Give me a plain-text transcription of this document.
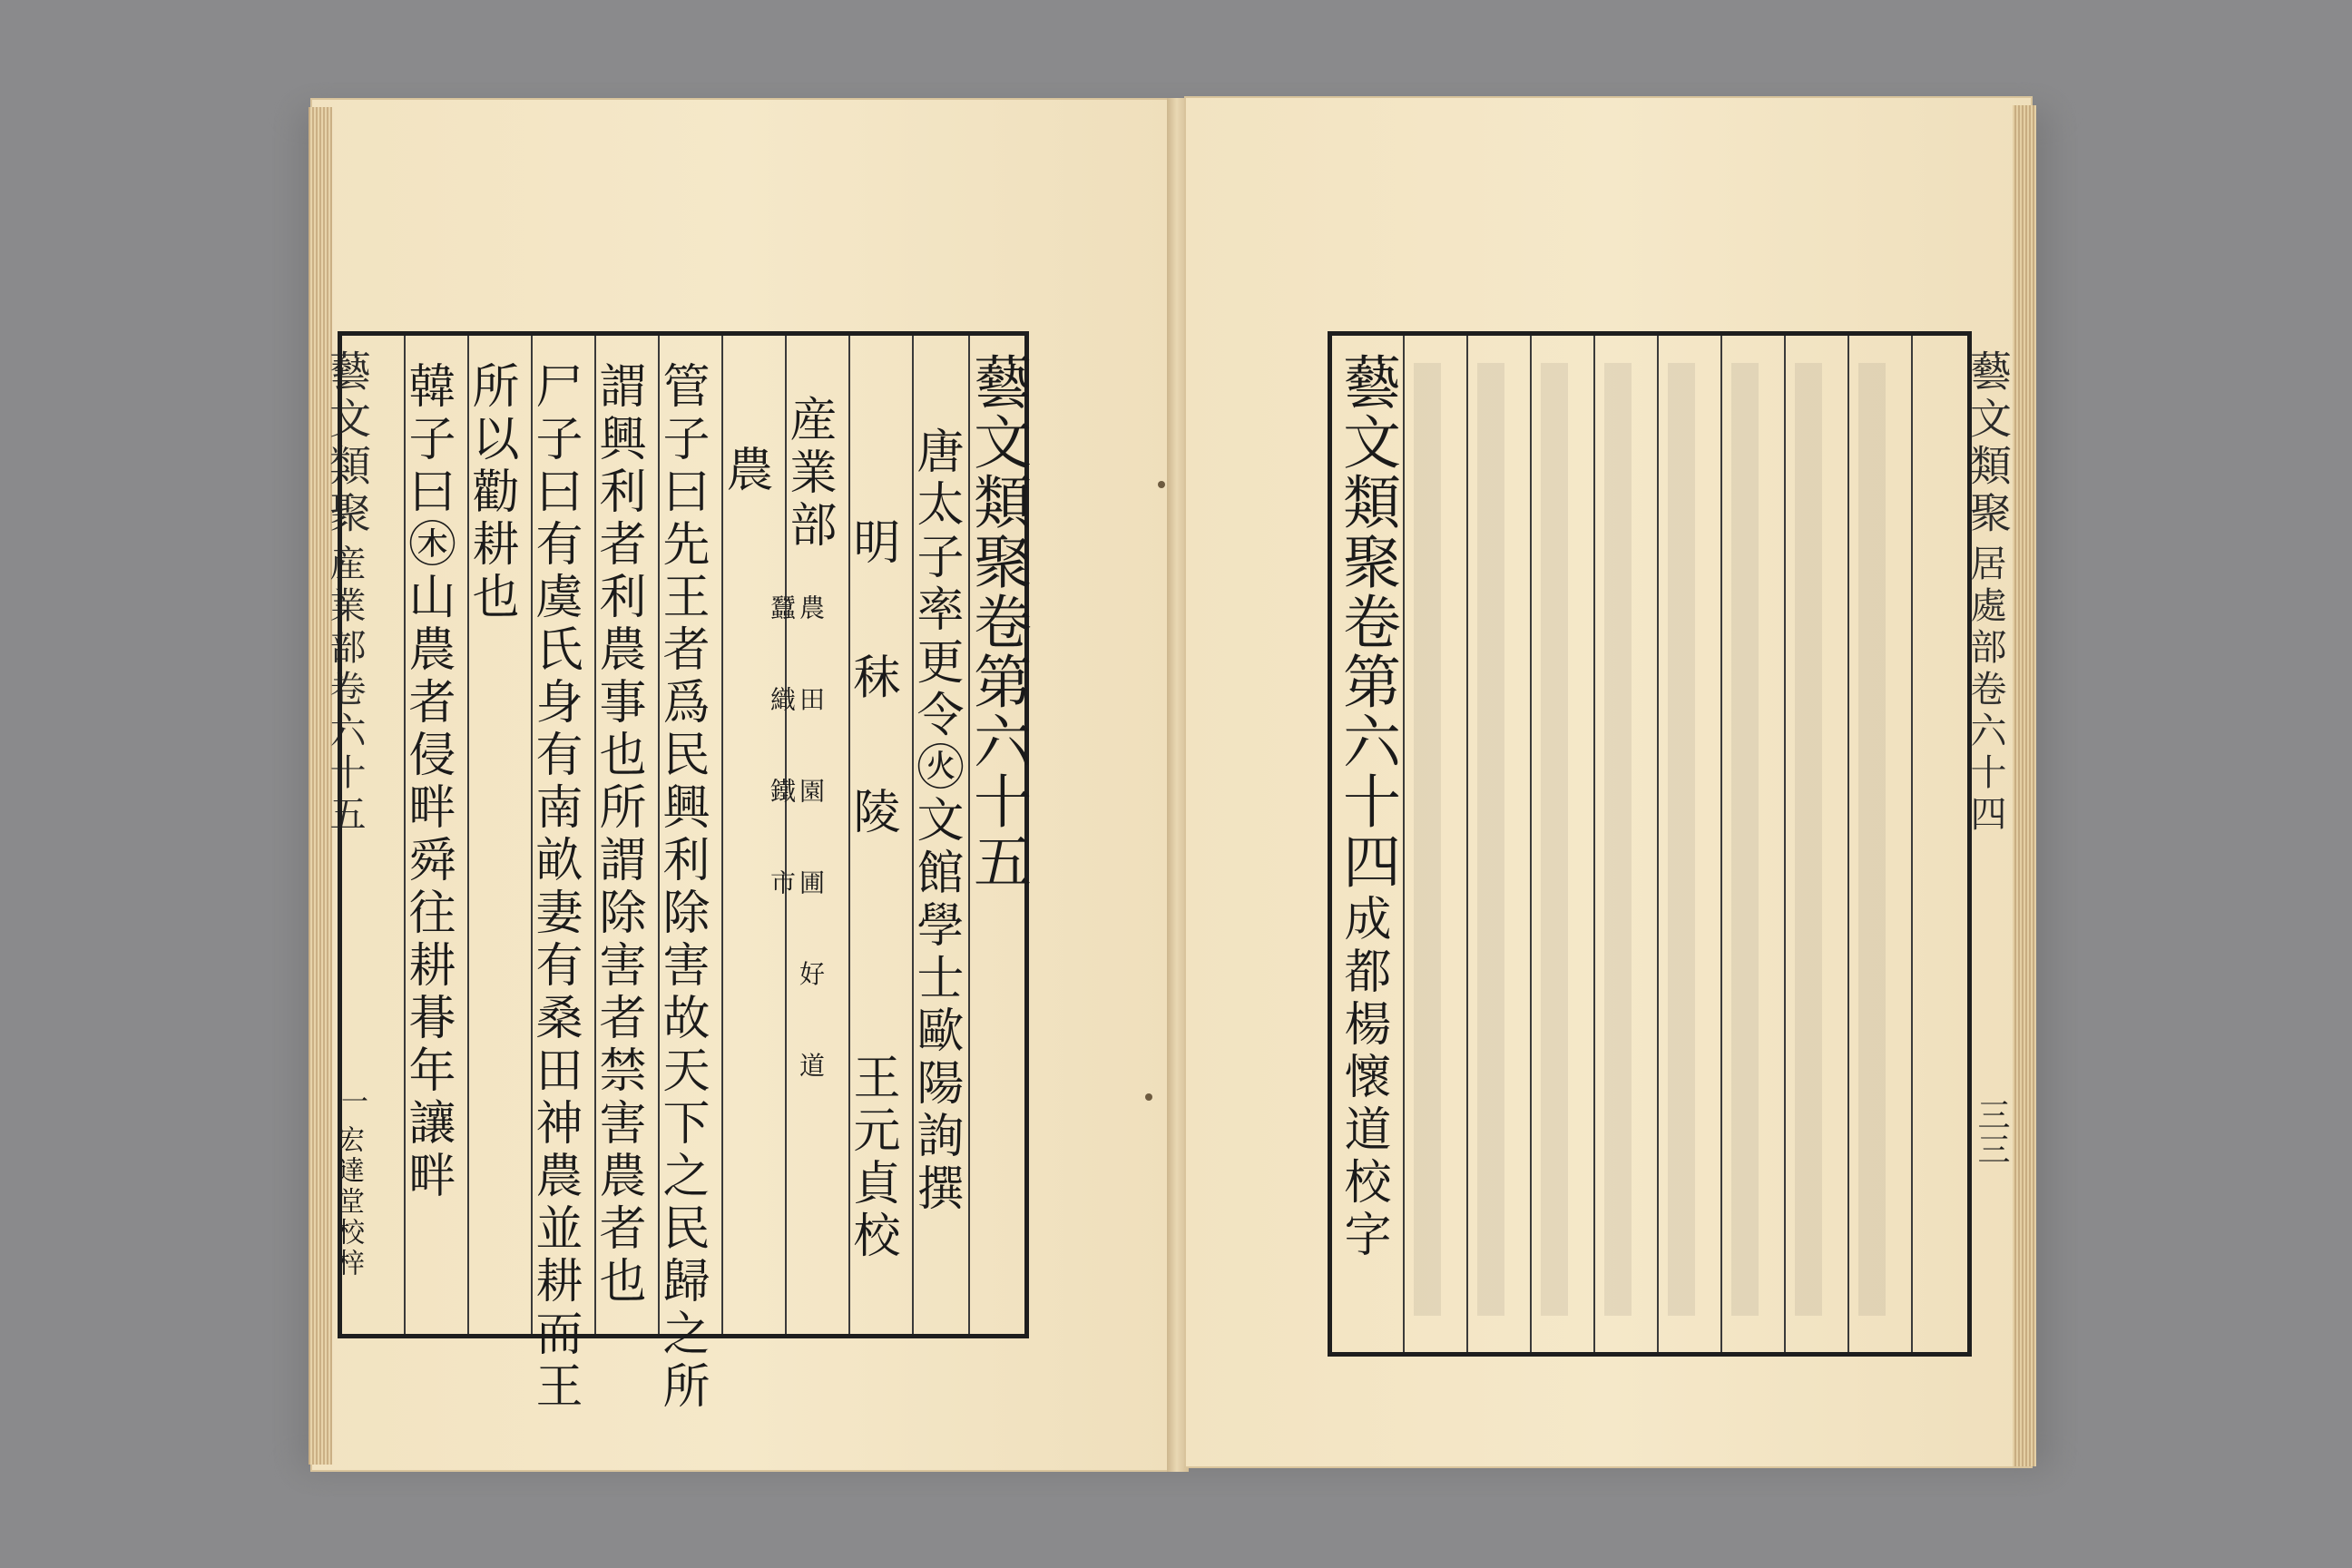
藝文類聚
産業部卷六十五
一
宏達堂校梓
藝文類聚卷第六十五
唐太子率更令㊋文館學士歐陽詢撰
明 秣 陵
王元貞校
産業部
農 田 園 圃 好 道
蠶 織 鐵 市
農
管子曰先王者爲民興利除害故天下之民歸之所
謂興利者利農事也所謂除害者禁害農者也
尸子曰有虞氏身有南畝妻有桑田神農並耕而王
所以勸耕也
韓子曰㊍山農者侵畔舜往耕朞年讓畔	藝文類聚卷第六十四
成都楊懷道校字
藝文類聚
居處部卷六十四
三三
